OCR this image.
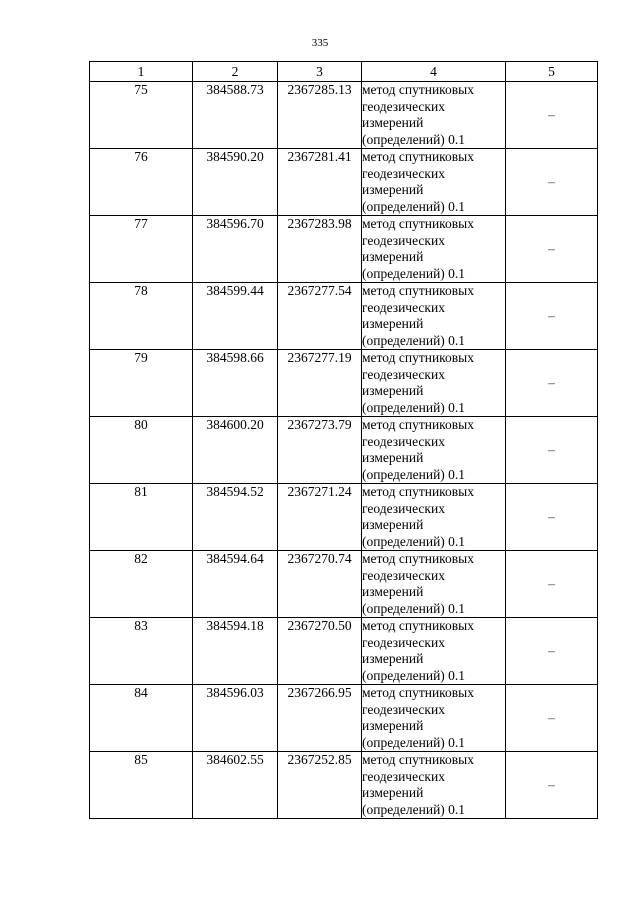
335
1	2	3	4	5
75	384588.73	2367285.13	метод спутниковых геодезических измерений (определений) 0.1	–
76	384590.20	2367281.41	метод спутниковых геодезических измерений (определений) 0.1	–
77	384596.70	2367283.98	метод спутниковых геодезических измерений (определений) 0.1	–
78	384599.44	2367277.54	метод спутниковых геодезических измерений (определений) 0.1	–
79	384598.66	2367277.19	метод спутниковых геодезических измерений (определений) 0.1	–
80	384600.20	2367273.79	метод спутниковых геодезических измерений (определений) 0.1	–
81	384594.52	2367271.24	метод спутниковых геодезических измерений (определений) 0.1	–
82	384594.64	2367270.74	метод спутниковых геодезических измерений (определений) 0.1	–
83	384594.18	2367270.50	метод спутниковых геодезических измерений (определений) 0.1	–
84	384596.03	2367266.95	метод спутниковых геодезических измерений (определений) 0.1	–
85	384602.55	2367252.85	метод спутниковых геодезических измерений (определений) 0.1	–
